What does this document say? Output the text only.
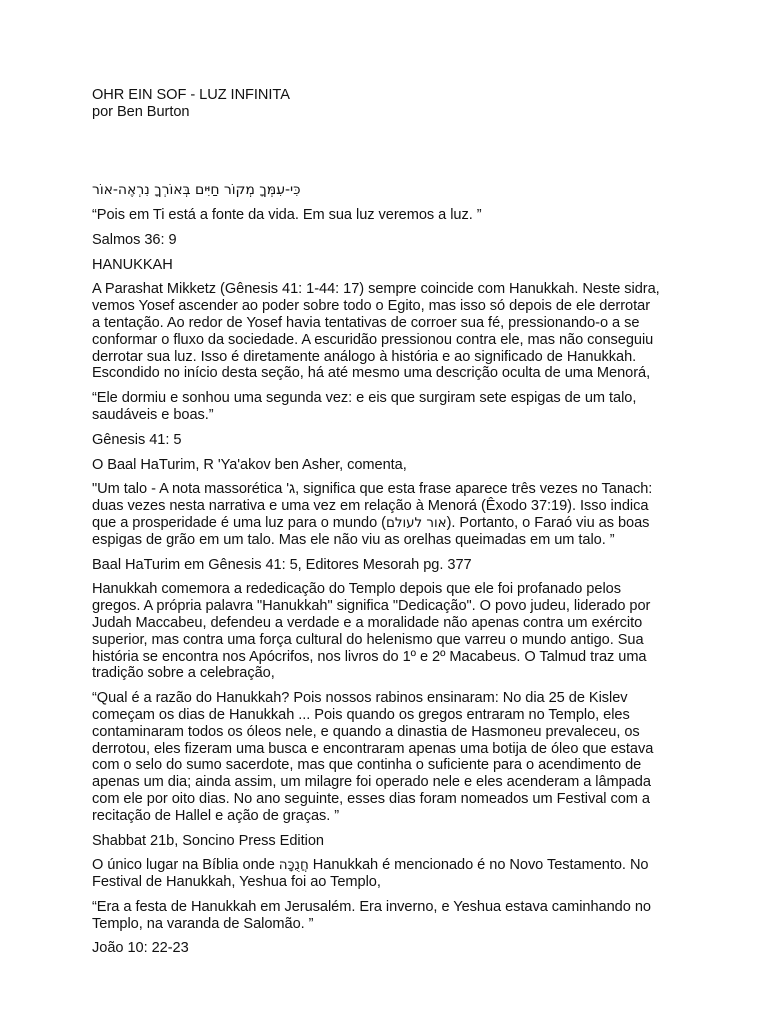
OHR EIN SOF - LUZ INFINITA
por Ben Burton
כִּי-עִמְּךָ מְקוֹר חַיִּים בְּאוֹרְךָ נִרְאֶה-אוֹר
“Pois em Ti está a fonte da vida. Em sua luz veremos a luz. ”
Salmos 36: 9
HANUKKAH
A Parashat Mikketz (Gênesis 41: 1-44: 17) sempre coincide com Hanukkah. Neste sidra,
vemos Yosef ascender ao poder sobre todo o Egito, mas isso só depois de ele derrotar
a tentação. Ao redor de Yosef havia tentativas de corroer sua fé, pressionando-o a se
conformar o fluxo da sociedade. A escuridão pressionou contra ele, mas não conseguiu
derrotar sua luz. Isso é diretamente análogo à história e ao significado de Hanukkah.
Escondido no início desta seção, há até mesmo uma descrição oculta de uma Menorá,
“Ele dormiu e sonhou uma segunda vez: e eis que surgiram sete espigas de um talo,
saudáveis e boas.”
Gênesis 41: 5
O Baal HaTurim, R 'Ya'akov ben Asher, comenta,
"Um talo - A nota massorética 'ג, significa que esta frase aparece três vezes no Tanach:
duas vezes nesta narrativa e uma vez em relação à Menorá (Êxodo 37:19). Isso indica
que a prosperidade é uma luz para o mundo (אור לעולם). Portanto, o Faraó viu as boas
espigas de grão em um talo. Mas ele não viu as orelhas queimadas em um talo. ”
Baal HaTurim em Gênesis 41: 5, Editores Mesorah pg. 377
Hanukkah comemora a rededicação do Templo depois que ele foi profanado pelos
gregos. A própria palavra "Hanukkah" significa "Dedicação". O povo judeu, liderado por
Judah Maccabeu, defendeu a verdade e a moralidade não apenas contra um exército
superior, mas contra uma força cultural do helenismo que varreu o mundo antigo. Sua
história se encontra nos Apócrifos, nos livros do 1º e 2º Macabeus. O Talmud traz uma
tradição sobre a celebração,
“Qual é a razão do Hanukkah? Pois nossos rabinos ensinaram: No dia 25 de Kislev
começam os dias de Hanukkah ... Pois quando os gregos entraram no Templo, eles
contaminaram todos os óleos nele, e quando a dinastia de Hasmoneu prevaleceu, os
derrotou, eles fizeram uma busca e encontraram apenas uma botija de óleo que estava
com o selo do sumo sacerdote, mas que continha o suficiente para o acendimento de
apenas um dia; ainda assim, um milagre foi operado nele e eles acenderam a lâmpada
com ele por oito dias. No ano seguinte, esses dias foram nomeados um Festival com a
recitação de Hallel e ação de graças. ”
Shabbat 21b, Soncino Press Edition
O único lugar na Bíblia onde חֲנֻכָּה Hanukkah é mencionado é no Novo Testamento. No
Festival de Hanukkah, Yeshua foi ao Templo,
“Era a festa de Hanukkah em Jerusalém. Era inverno, e Yeshua estava caminhando no
Templo, na varanda de Salomão. ”
João 10: 22-23
